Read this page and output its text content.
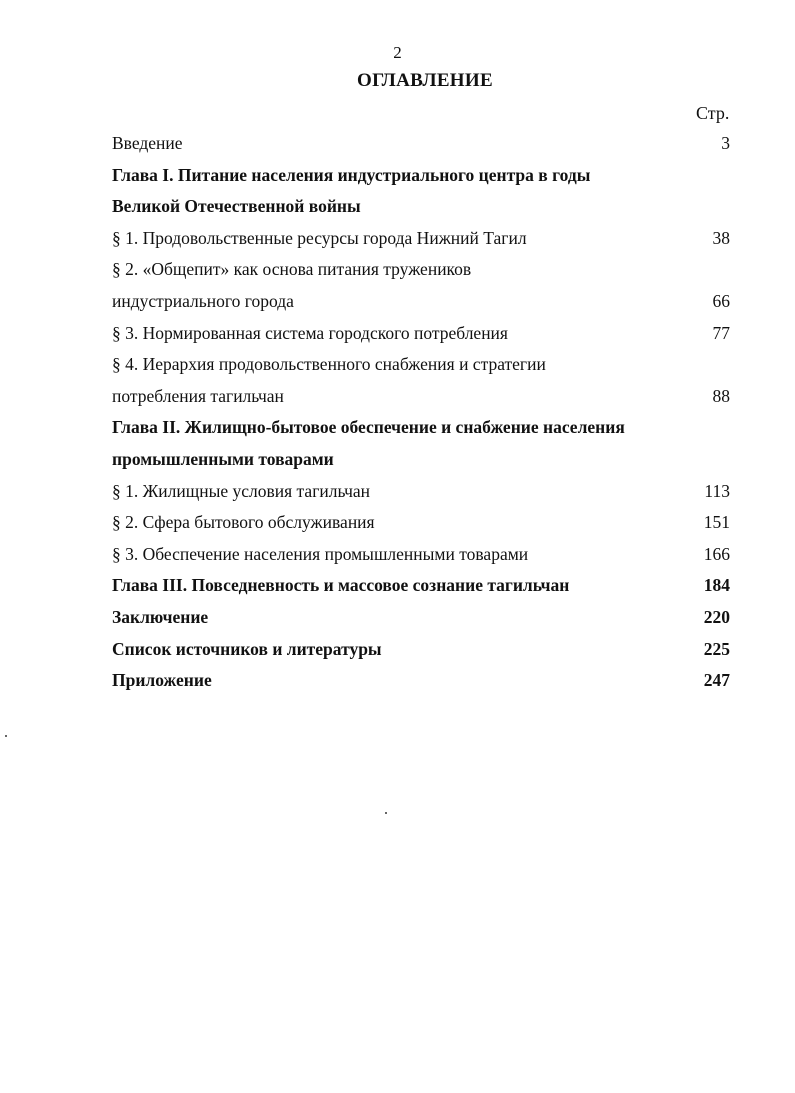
2
ОГЛАВЛЕНИЕ
Стр.
Введение	3
Глава I. Питание населения индустриального центра в годы
Великой Отечественной войны
§ 1. Продовольственные ресурсы города Нижний Тагил	38
§ 2. «Общепит» как основа питания тружеников
индустриального города	66
§ 3. Нормированная система городского потребления	77
§ 4. Иерархия продовольственного снабжения и стратегии
потребления тагильчан	88
Глава II. Жилищно-бытовое обеспечение и снабжение населения
промышленными товарами
§ 1. Жилищные условия тагильчан	113
§ 2. Сфера бытового обслуживания	151
§ 3. Обеспечение населения промышленными товарами	166
Глава III. Повседневность и массовое сознание тагильчан	184
Заключение	220
Список источников и литературы	225
Приложение	247
